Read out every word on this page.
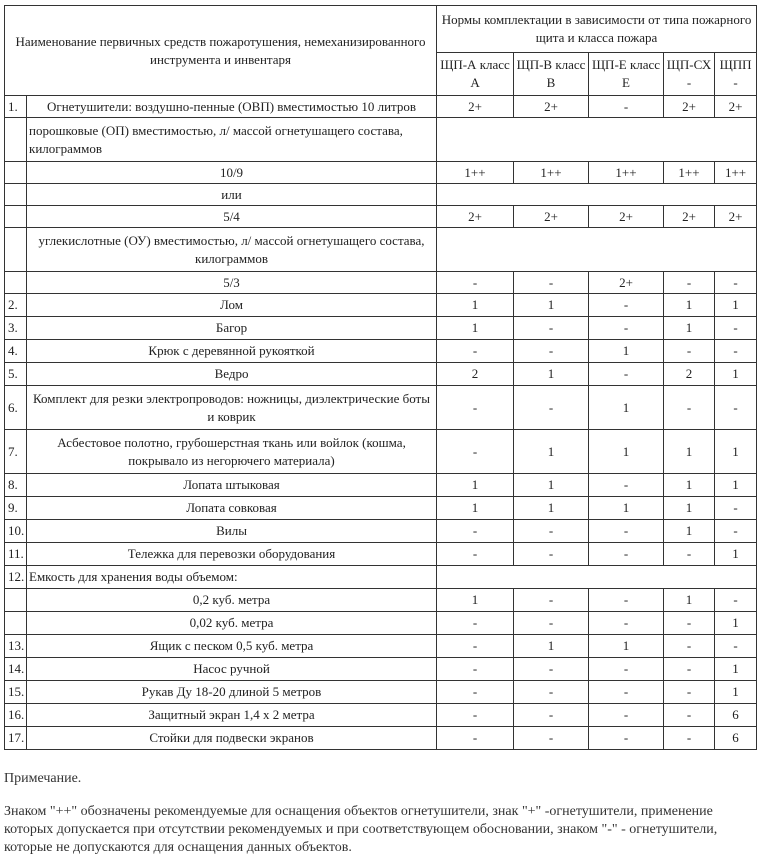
Наименование первичных средств пожаротушения, немеханизированного инструмента и инвентаря		Нормы комплектации в зависимости от типа пожарного щита и класса пожара				
		ЩП-А класс А	ЩП-В класс В	ЩП-Е класс Е	ЩП-СХ -	ЩПП -
1.	Огнетушители: воздушно-пенные (ОВП) вместимостью 10 литров	2+	2+	-	2+	2+
	порошковые (ОП) вместимостью, л/ массой огнетушащего состава, килограммов					
	10/9	1++	1++	1++	1++	1++
	или					
	5/4	2+	2+	2+	2+	2+
	углекислотные (ОУ) вместимостью, л/ массой огнетушащего состава, килограммов					
	5/3	-	-	2+	-	-
2.	Лом	1	1	-	1	1
3.	Багор	1	-	-	1	-
4.	Крюк с деревянной рукояткой	-	-	1	-	-
5.	Ведро	2	1	-	2	1
6.	Комплект для резки электропроводов: ножницы, диэлектрические боты и коврик	-	-	1	-	-
7.	Асбестовое полотно, грубошерстная ткань или войлок (кошма, покрывало из негорючего материала)	-	1	1	1	1
8.	Лопата штыковая	1	1	-	1	1
9.	Лопата совковая	1	1	1	1	-
10.	Вилы	-	-	-	1	-
11.	Тележка для перевозки оборудования	-	-	-	-	1
12.	Емкость для хранения воды объемом:					
	0,2 куб. метра	1	-	-	1	-
	0,02 куб. метра	-	-	-	-	1
13.	Ящик с песком 0,5 куб. метра	-	1	1	-	-
14.	Насос ручной	-	-	-	-	1
15.	Рукав Ду 18-20 длиной 5 метров	-	-	-	-	1
16.	Защитный экран 1,4 х 2 метра	-	-	-	-	6
17.	Стойки для подвески экранов	-	-	-	-	6

Примечание.

Знаком "++" обозначены рекомендуемые для оснащения объектов огнетушители, знак "+" -огнетушители, применение которых допускается при отсутствии рекомендуемых и при соответствующем обосновании, знаком "-" - огнетушители, которые не допускаются для оснащения данных объектов.
